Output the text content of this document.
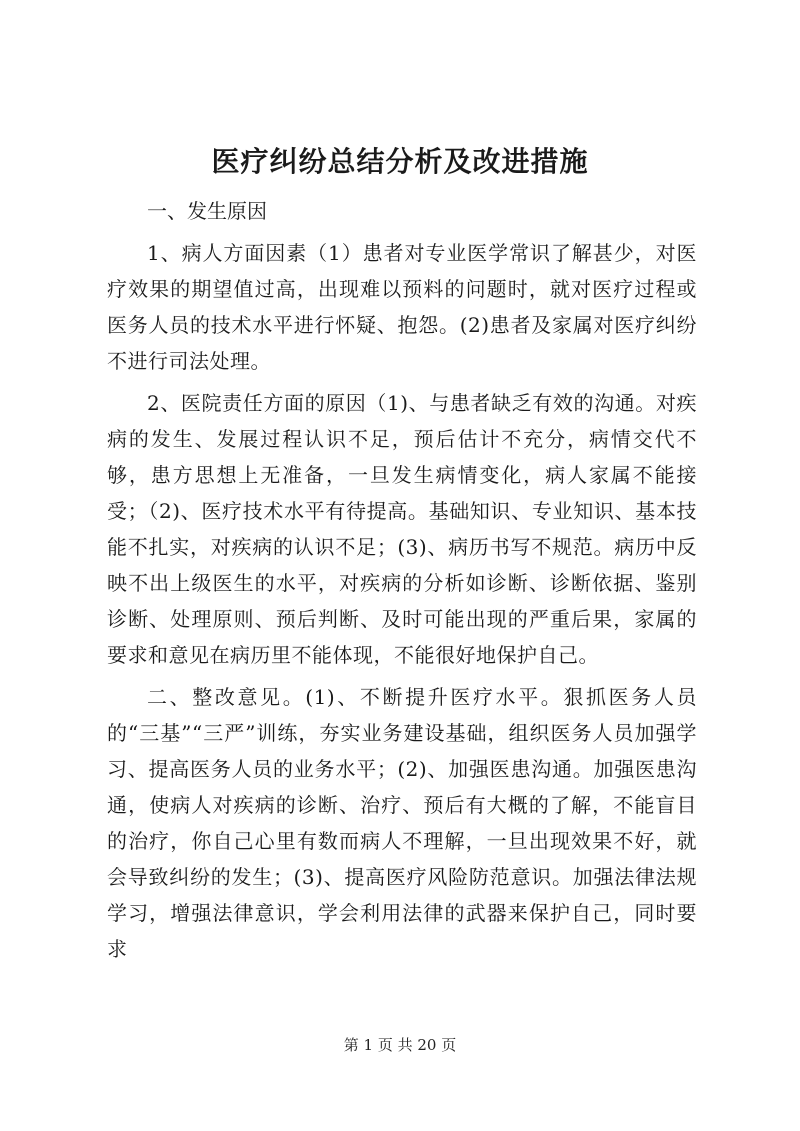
医疗纠纷总结分析及改进措施

一、发生原因

1、病人方面因素（1）患者对专业医学常识了解甚少，对医疗效果的期望值过高，出现难以预料的问题时，就对医疗过程或医务人员的技术水平进行怀疑、抱怨。(2)患者及家属对医疗纠纷不进行司法处理。

2、医院责任方面的原因（1)、与患者缺乏有效的沟通。对疾病的发生、发展过程认识不足，预后估计不充分，病情交代不够，患方思想上无准备，一旦发生病情变化，病人家属不能接受；（2)、医疗技术水平有待提高。基础知识、专业知识、基本技能不扎实，对疾病的认识不足；(3)、病历书写不规范。病历中反映不出上级医生的水平，对疾病的分析如诊断、诊断依据、鉴别诊断、处理原则、预后判断、及时可能出现的严重后果，家属的要求和意见在病历里不能体现，不能很好地保护自己。

二、整改意见。(1)、不断提升医疗水平。狠抓医务人员的“三基”“三严”训练，夯实业务建设基础，组织医务人员加强学习、提高医务人员的业务水平；(2)、加强医患沟通。加强医患沟通，使病人对疾病的诊断、治疗、预后有大概的了解，不能盲目的治疗，你自己心里有数而病人不理解，一旦出现效果不好，就会导致纠纷的发生；(3)、提高医疗风险防范意识。加强法律法规学习，增强法律意识，学会利用法律的武器来保护自己，同时要求

第 1 页 共 20 页
